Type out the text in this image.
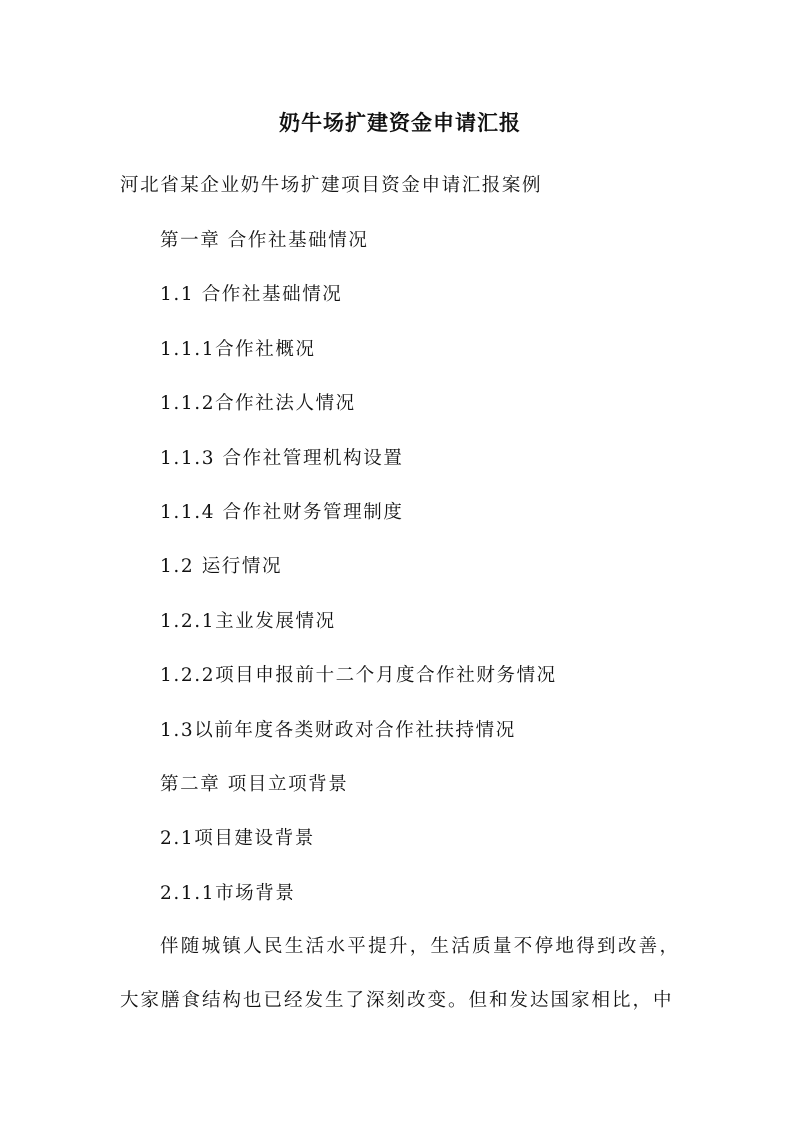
奶牛场扩建资金申请汇报
河北省某企业奶牛场扩建项目资金申请汇报案例
第一章 合作社基础情况
1.1 合作社基础情况
1.1.1合作社概况
1.1.2合作社法人情况
1.1.3 合作社管理机构设置
1.1.4 合作社财务管理制度
1.2 运行情况
1.2.1主业发展情况
1.2.2项目申报前十二个月度合作社财务情况
1.3以前年度各类财政对合作社扶持情况
第二章 项目立项背景
2.1项目建设背景
2.1.1市场背景
伴随城镇人民生活水平提升，生活质量不停地得到改善，大家膳食结构也已经发生了深刻改变。但和发达国家相比，中
